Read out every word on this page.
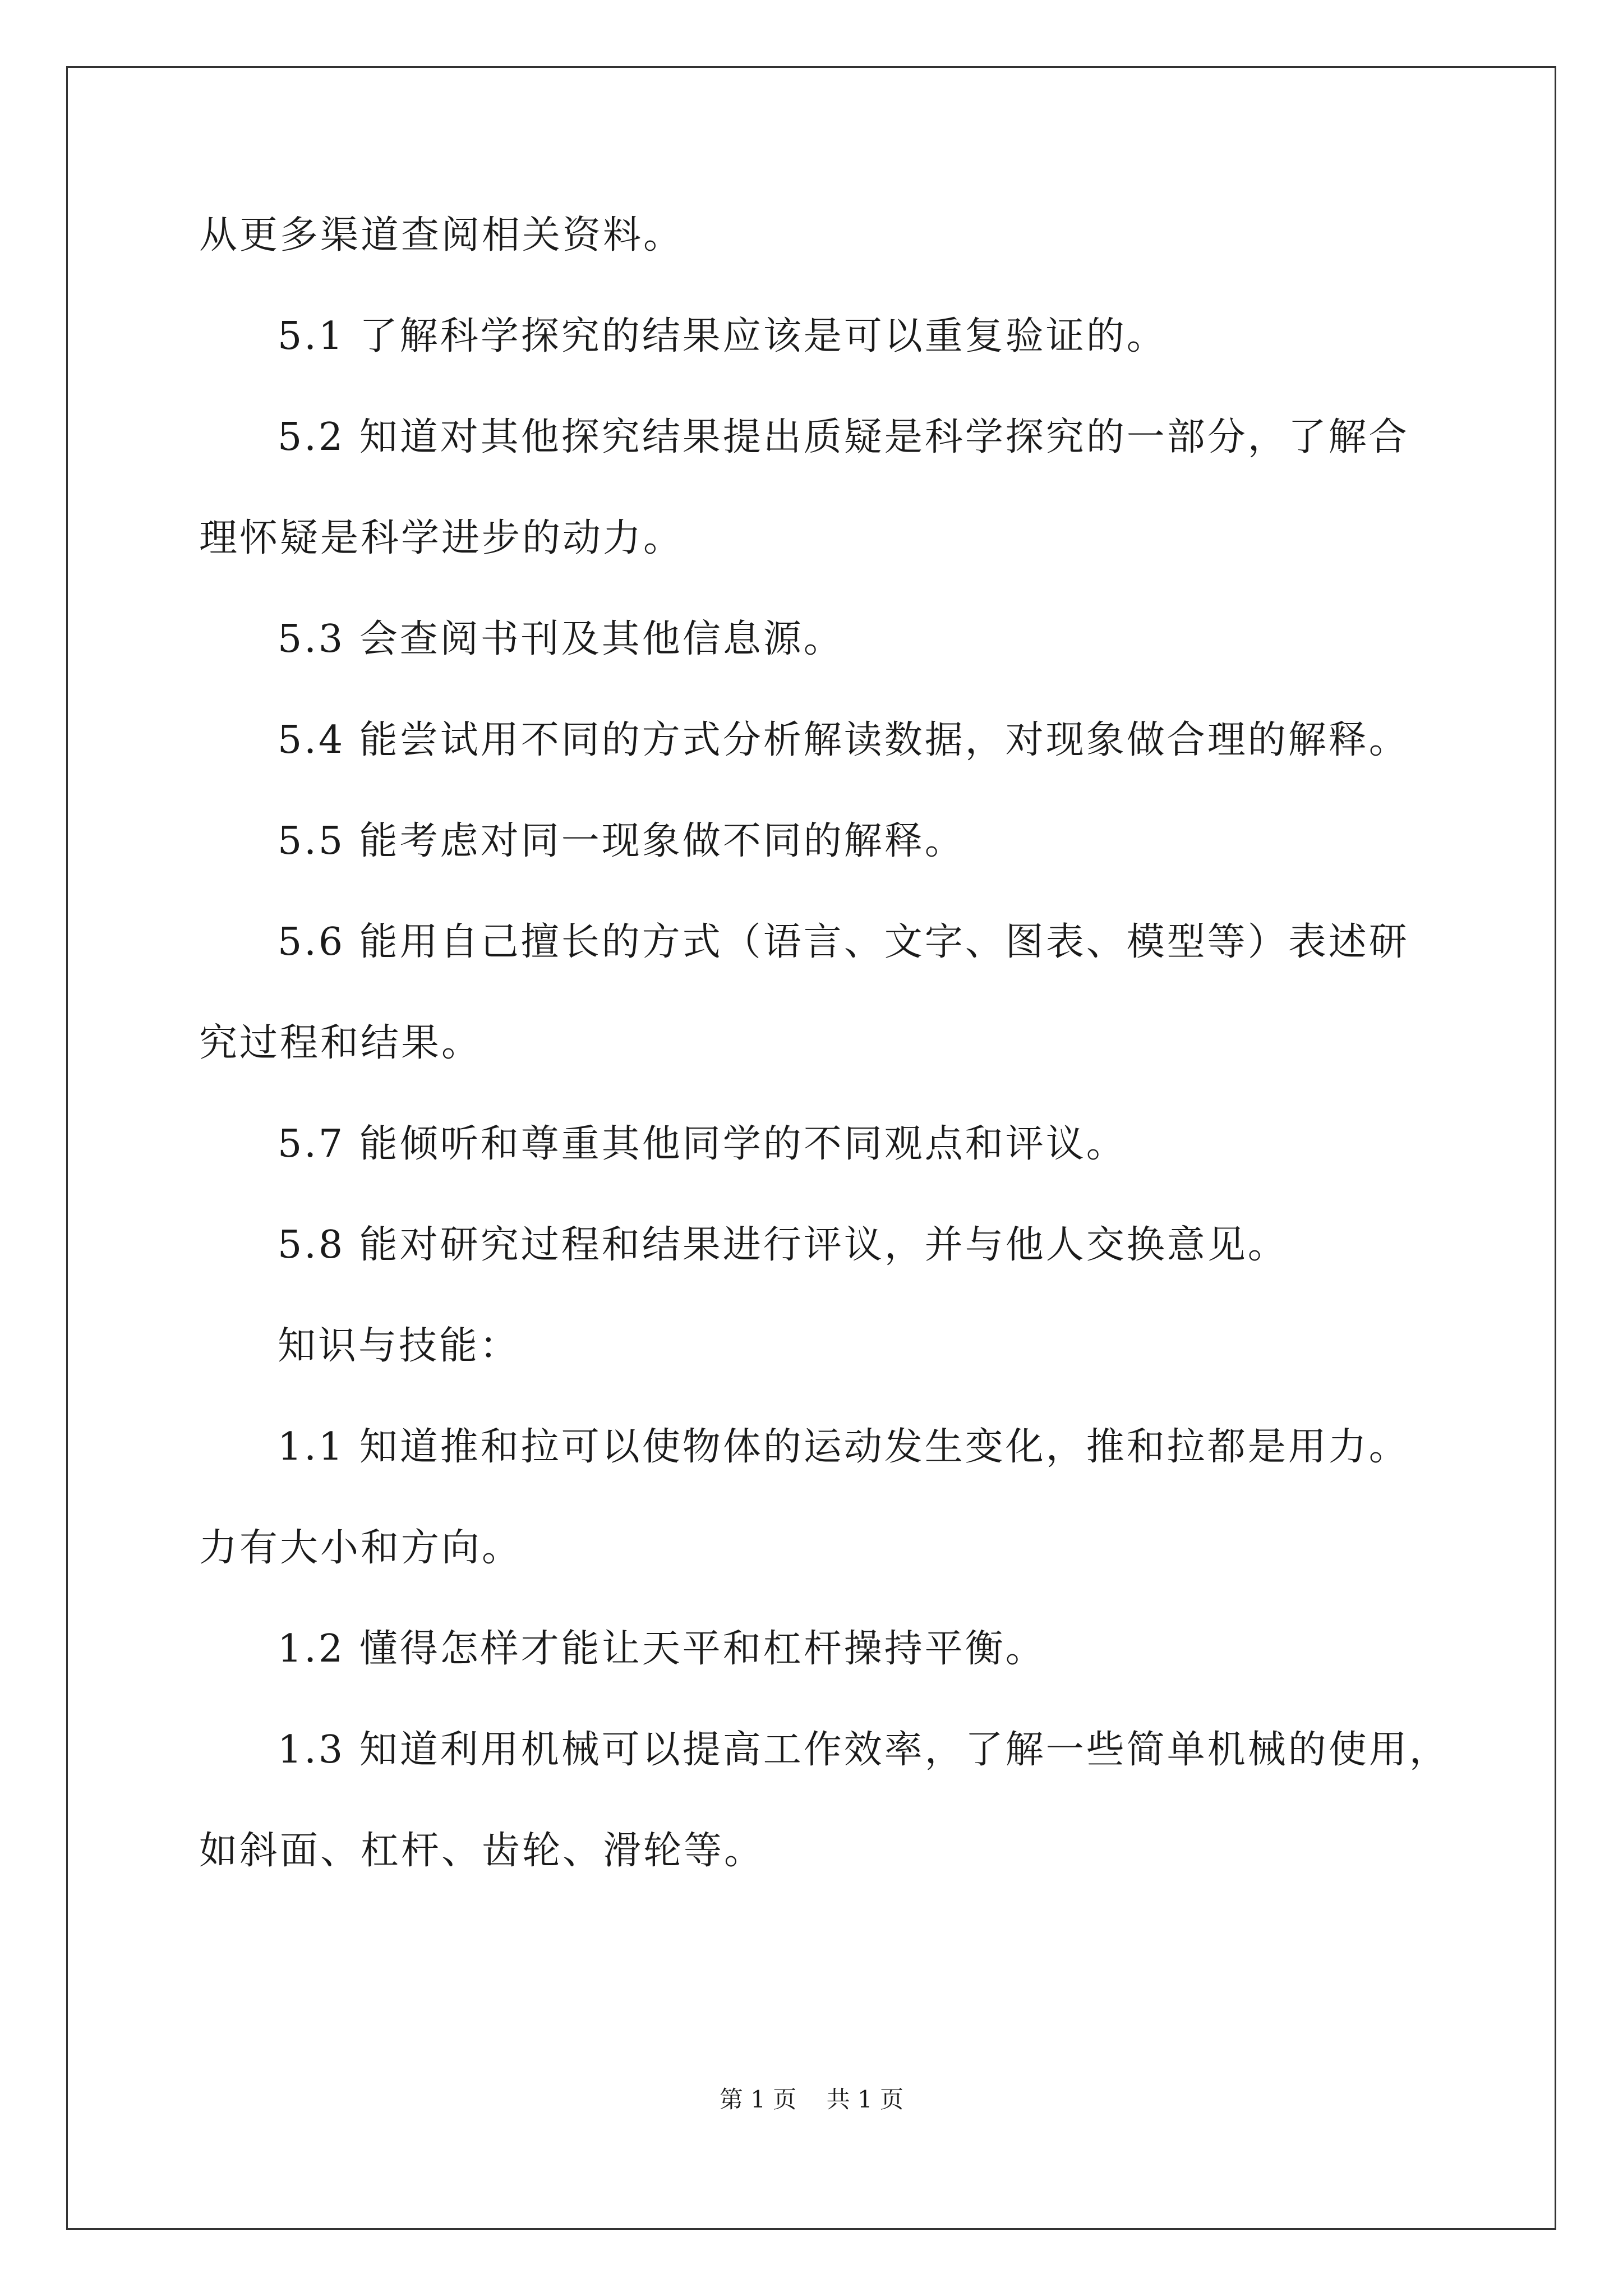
从更多渠道查阅相关资料。
5.1 了解科学探究的结果应该是可以重复验证的。
5.2 知道对其他探究结果提出质疑是科学探究的一部分，了解合
理怀疑是科学进步的动力。
5.3 会查阅书刊及其他信息源。
5.4 能尝试用不同的方式分析解读数据，对现象做合理的解释。
5.5 能考虑对同一现象做不同的解释。
5.6 能用自己擅长的方式（语言、文字、图表、模型等）表述研
究过程和结果。
5.7 能倾听和尊重其他同学的不同观点和评议。
5.8 能对研究过程和结果进行评议，并与他人交换意见。
知识与技能：
1.1 知道推和拉可以使物体的运动发生变化，推和拉都是用力。
力有大小和方向。
1.2 懂得怎样才能让天平和杠杆操持平衡。
1.3 知道利用机械可以提高工作效率，了解一些简单机械的使用，
如斜面、杠杆、齿轮、滑轮等。
第 1 页    共 1 页
